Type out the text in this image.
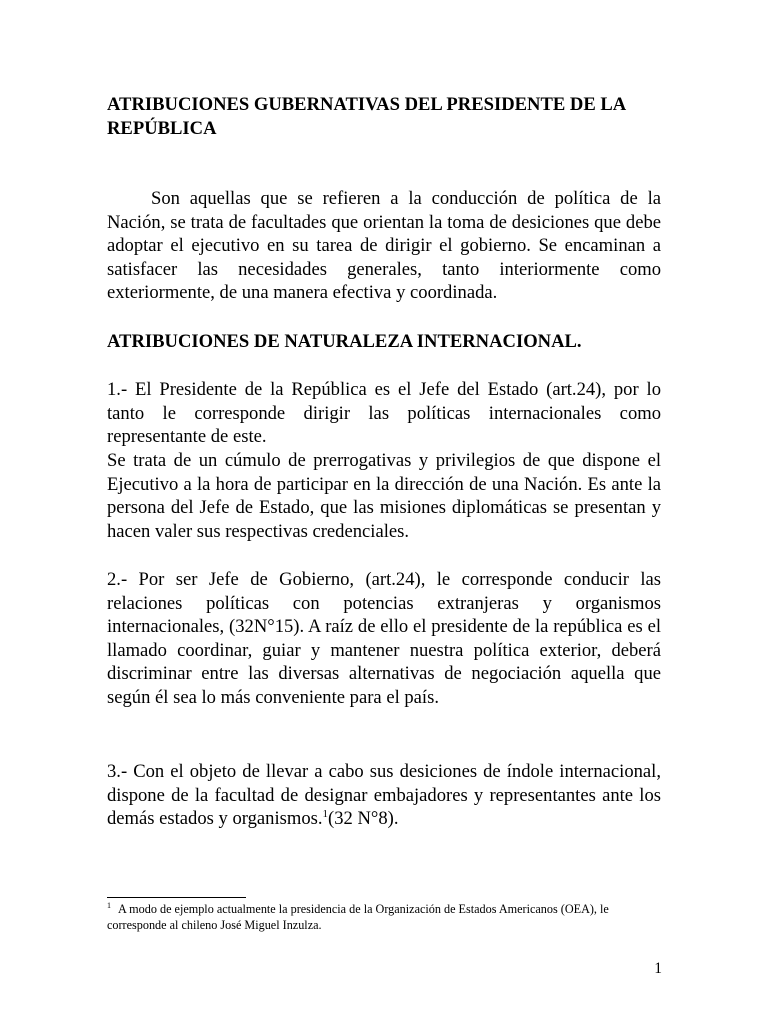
ATRIBUCIONES GUBERNATIVAS DEL PRESIDENTE DE LA REPÚBLICA

Son aquellas que se refieren a la conducción de política de la Nación, se trata de facultades que orientan la toma de desiciones que debe adoptar el ejecutivo en su tarea de dirigir el gobierno. Se encaminan a satisfacer las necesidades generales, tanto interiormente como exteriormente, de una manera efectiva y coordinada.

ATRIBUCIONES DE NATURALEZA INTERNACIONAL.

1.- El Presidente de la República es el Jefe del Estado (art.24), por lo tanto le corresponde dirigir las políticas internacionales como representante de este.

Se trata de un cúmulo de prerrogativas y privilegios de que dispone el Ejecutivo a la hora de participar en la dirección de una Nación. Es ante la persona del Jefe de Estado, que las misiones diplomáticas se presentan y hacen valer sus respectivas credenciales.

2.- Por ser Jefe de Gobierno, (art.24), le corresponde conducir las relaciones políticas con potencias extranjeras y organismos internacionales, (32N°15). A raíz de ello el presidente de la república es el llamado coordinar, guiar y mantener nuestra política exterior, deberá discriminar entre las diversas alternativas de negociación aquella que según él sea lo más conveniente para el país.

3.- Con el objeto de llevar a cabo sus desiciones de índole internacional, dispone de la facultad de designar embajadores y representantes ante los demás estados y organismos.$^1$(32 N°8).

$^1$ A modo de ejemplo actualmente la presidencia de la Organización de Estados Americanos (OEA), le corresponde al chileno José Miguel Inzulza.

1
